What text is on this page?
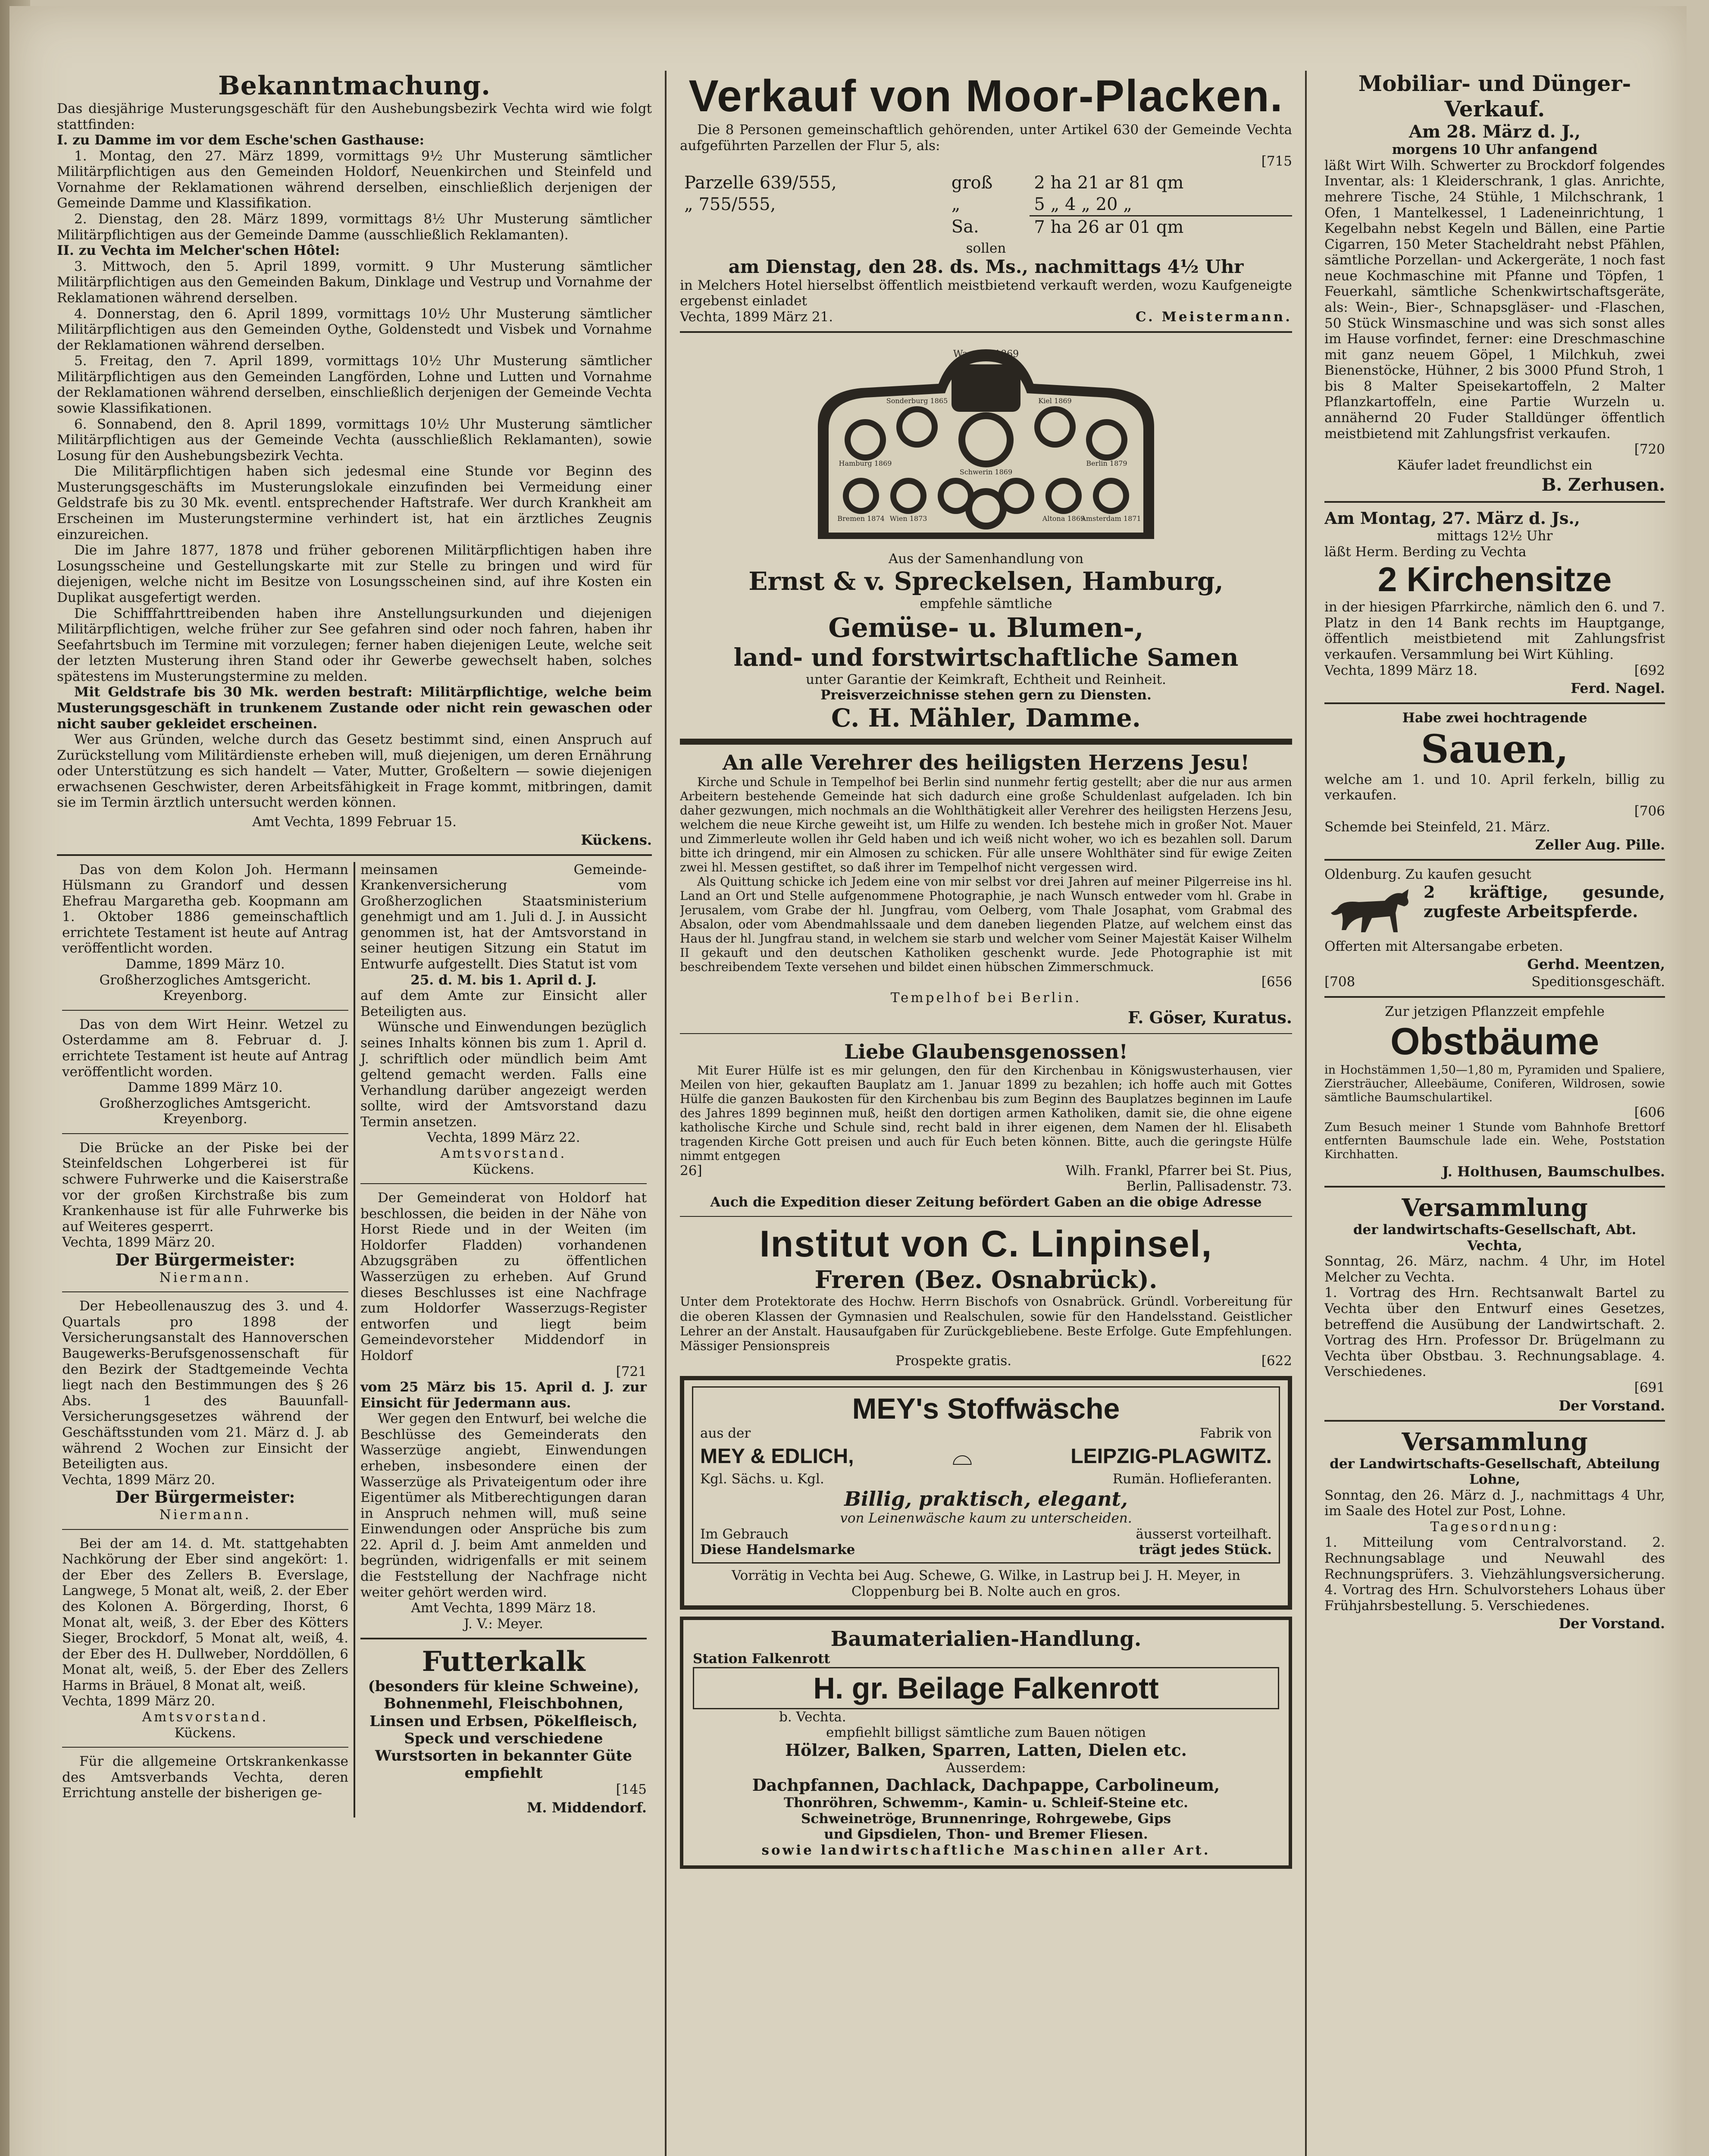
Bekanntmachung.

Das diesjährige Musterungsgeschäft für den Aushebungsbezirk Vechta wird wie folgt stattfinden:

I. zu Damme im vor dem Esche'schen Gasthause:

1. Montag, den 27. März 1899, vormittags 9½ Uhr Musterung sämtlicher Militärpflichtigen aus den Gemeinden Holdorf, Neuenkirchen und Steinfeld und Vornahme der Reklamationen während derselben, einschließlich derjenigen der Gemeinde Damme und Klassifikation.

2. Dienstag, den 28. März 1899, vormittags 8½ Uhr Musterung sämtlicher Militärpflichtigen aus der Gemeinde Damme (ausschließlich Reklamanten).

II. zu Vechta im Melcher'schen Hôtel:

3. Mittwoch, den 5. April 1899, vormitt. 9 Uhr Musterung sämtlicher Militärpflichtigen aus den Gemeinden Bakum, Dinklage und Vestrup und Vornahme der Reklamationen während derselben.

4. Donnerstag, den 6. April 1899, vormittags 10½ Uhr Musterung sämtlicher Militärpflichtigen aus den Gemeinden Oythe, Goldenstedt und Visbek und Vornahme der Reklamationen während derselben.

5. Freitag, den 7. April 1899, vormittags 10½ Uhr Musterung sämtlicher Militärpflichtigen aus den Gemeinden Langförden, Lohne und Lutten und Vornahme der Reklamationen während derselben, einschließlich derjenigen der Gemeinde Vechta sowie Klassifikationen.

6. Sonnabend, den 8. April 1899, vormittags 10½ Uhr Musterung sämtlicher Militärpflichtigen aus der Gemeinde Vechta (ausschließlich Reklamanten), sowie Losung für den Aushebungsbezirk Vechta.

Die Militärpflichtigen haben sich jedesmal eine Stunde vor Beginn des Musterungsgeschäfts im Musterungslokale einzufinden bei Vermeidung einer Geldstrafe bis zu 30 Mk. eventl. entsprechender Haftstrafe. Wer durch Krankheit am Erscheinen im Musterungstermine verhindert ist, hat ein ärztliches Zeugnis einzureichen.

Die im Jahre 1877, 1878 und früher geborenen Militärpflichtigen haben ihre Losungsscheine und Gestellungskarte mit zur Stelle zu bringen und wird für diejenigen, welche nicht im Besitze von Losungsscheinen sind, auf ihre Kosten ein Duplikat ausgefertigt werden.

Die Schifffahrttreibenden haben ihre Anstellungsurkunden und diejenigen Militärpflichtigen, welche früher zur See gefahren sind oder noch fahren, haben ihr Seefahrtsbuch im Termine mit vorzulegen; ferner haben diejenigen Leute, welche seit der letzten Musterung ihren Stand oder ihr Gewerbe gewechselt haben, solches spätestens im Musterungstermine zu melden.

Mit Geldstrafe bis 30 Mk. werden bestraft: Militärpflichtige, welche beim Musterungsgeschäft in trunkenem Zustande oder nicht rein gewaschen oder nicht sauber gekleidet erscheinen.

Wer aus Gründen, welche durch das Gesetz bestimmt sind, einen Anspruch auf Zurückstellung vom Militärdienste erheben will, muß diejenigen, um deren Ernährung oder Unterstützung es sich handelt — Vater, Mutter, Großeltern — sowie diejenigen erwachsenen Geschwister, deren Arbeitsfähigkeit in Frage kommt, mitbringen, damit sie im Termin ärztlich untersucht werden können.

Amt Vechta, 1899 Februar 15.

Kückens.

Das von dem Kolon Joh. Hermann Hülsmann zu Grandorf und dessen Ehefrau Margaretha geb. Koopmann am 1. Oktober 1886 gemeinschaftlich errichtete Testament ist heute auf Antrag veröffentlicht worden.

Damme, 1899 März 10.

Großherzogliches Amtsgericht.

Kreyenborg.

Das von dem Wirt Heinr. Wetzel zu Osterdamme am 8. Februar d. J. errichtete Testament ist heute auf Antrag veröffentlicht worden.

Damme 1899 März 10.

Großherzogliches Amtsgericht.

Kreyenborg.

Die Brücke an der Piske bei der Steinfeldschen Lohgerberei ist für schwere Fuhrwerke und die Kaiserstraße vor der großen Kirchstraße bis zum Krankenhause ist für alle Fuhrwerke bis auf Weiteres gesperrt.

Vechta, 1899 März 20.

Der Bürgermeister:

Niermann.

Der Hebeollenauszug des 3. und 4. Quartals pro 1898 der Versicherungsanstalt des Hannoverschen Baugewerks-Berufsgenossenschaft für den Bezirk der Stadtgemeinde Vechta liegt nach den Bestimmungen des § 26 Abs. 1 des Bauunfall-Versicherungsgesetzes während der Geschäftsstunden vom 21. März d. J. ab während 2 Wochen zur Einsicht der Beteiligten aus.

Vechta, 1899 März 20.

Der Bürgermeister:

Niermann.

Bei der am 14. d. Mt. stattgehabten Nachkörung der Eber sind angekört: 1. der Eber des Zellers B. Everslage, Langwege, 5 Monat alt, weiß, 2. der Eber des Kolonen A. Börgerding, Ihorst, 6 Monat alt, weiß, 3. der Eber des Kötters Sieger, Brockdorf, 5 Monat alt, weiß, 4. der Eber des H. Dullweber, Norddöllen, 6 Monat alt, weiß, 5. der Eber des Zellers Harms in Bräuel, 8 Monat alt, weiß.

Vechta, 1899 März 20.

Amtsvorstand.

Kückens.

Für die allgemeine Ortskrankenkasse des Amtsverbands Vechta, deren Errichtung anstelle der bisherigen ge-

meinsamen Gemeinde-Krankenversicherung vom Großherzoglichen Staatsministerium genehmigt und am 1. Juli d. J. in Aussicht genommen ist, hat der Amtsvorstand in seiner heutigen Sitzung ein Statut im Entwurfe aufgestellt. Dies Statut ist vom

25. d. M. bis 1. April d. J.

auf dem Amte zur Einsicht aller Beteiligten aus.

Wünsche und Einwendungen bezüglich seines Inhalts können bis zum 1. April d. J. schriftlich oder mündlich beim Amt geltend gemacht werden. Falls eine Verhandlung darüber angezeigt werden sollte, wird der Amtsvorstand dazu Termin ansetzen.

Vechta, 1899 März 22.

Amtsvorstand.

Kückens.

Der Gemeinderat von Holdorf hat beschlossen, die beiden in der Nähe von Horst Riede und in der Weiten (im Holdorfer Fladden) vorhandenen Abzugsgräben zu öffentlichen Wasserzügen zu erheben. Auf Grund dieses Beschlusses ist eine Nachfrage zum Holdorfer Wasserzugs-Register entworfen und liegt beim Gemeindevorsteher Middendorf in Holdorf

[721

vom 25 März bis 15. April d. J. zur Einsicht für Jedermann aus.

Wer gegen den Entwurf, bei welche die Beschlüsse des Gemeinderats den Wasserzüge angiebt, Einwendungen erheben, insbesondere einen der Wasserzüge als Privateigentum oder ihre Eigentümer als Mitberechtigungen daran in Anspruch nehmen will, muß seine Einwendungen oder Ansprüche bis zum 22. April d. J. beim Amt anmelden und begründen, widrigenfalls er mit seinem die Feststellung der Nachfrage nicht weiter gehört werden wird.

Amt Vechta, 1899 März 18.

J. V.: Meyer.

Futterkalk

(besonders für kleine Schweine), Bohnenmehl, Fleischbohnen, Linsen und Erbsen, Pökelfleisch, Speck und verschiedene Wurstsorten in bekannter Güte empfiehlt

[145

M. Middendorf.
Verkauf von Moor-Placken.

Die 8 Personen gemeinschaftlich gehörenden, unter Artikel 630 der Gemeinde Vechta aufgeführten Parzellen der Flur 5, als:

[715

Parzelle 639/555,	groß	2 ha 21 ar 81 qm
„ 755/555,	„	5 „ 4 „ 20 „
	Sa.	7 ha 26 ar 01 qm

sollen

am Dienstag, den 28. ds. Ms., nachmittags 4½ Uhr

in Melchers Hotel hierselbst öffentlich meistbietend verkauft werden, wozu Kaufgeneigte ergebenst einladet

Vechta, 1899 März 21.	C. Meistermann.
Wappen 1869
Hamburg 1869
Sonderburg 1865	Kiel 1869
Berlin 1879
Wien 1873
Schwerin 1869
Altona 1869
Bremen 1874	Amsterdam 1871

Aus der Samenhandlung von

Ernst & v. Spreckelsen, Hamburg,

empfehle sämtliche

Gemüse- u. Blumen-,
land- und forstwirtschaftliche Samen

unter Garantie der Keimkraft, Echtheit und Reinheit.

Preisverzeichnisse stehen gern zu Diensten.

C. H. Mähler, Damme.
An alle Verehrer des heiligsten Herzens Jesu!

Kirche und Schule in Tempelhof bei Berlin sind nunmehr fertig gestellt; aber die nur aus armen Arbeitern bestehende Gemeinde hat sich dadurch eine große Schuldenlast aufgeladen. Ich bin daher gezwungen, mich nochmals an die Wohlthätigkeit aller Verehrer des heiligsten Herzens Jesu, welchem die neue Kirche geweiht ist, um Hilfe zu wenden. Ich bestehe mich in großer Not. Mauer und Zimmerleute wollen ihr Geld haben und ich weiß nicht woher, wo ich es bezahlen soll. Darum bitte ich dringend, mir ein Almosen zu schicken. Für alle unsere Wohlthäter sind für ewige Zeiten zwei hl. Messen gestiftet, so daß ihrer im Tempelhof nicht vergessen wird.

Als Quittung schicke ich Jedem eine von mir selbst vor drei Jahren auf meiner Pilgerreise ins hl. Land an Ort und Stelle aufgenommene Photographie, je nach Wunsch entweder vom hl. Grabe in Jerusalem, vom Grabe der hl. Jungfrau, vom Oelberg, vom Thale Josaphat, vom Grabmal des Absalon, oder vom Abendmahlssaale und dem daneben liegenden Platze, auf welchem einst das Haus der hl. Jungfrau stand, in welchem sie starb und welcher vom Seiner Majestät Kaiser Wilhelm II gekauft und den deutschen Katholiken geschenkt wurde. Jede Photographie ist mit beschreibendem Texte versehen und bildet einen hübschen Zimmerschmuck.

[656

Tempelhof bei Berlin.

F. Göser, Kuratus.
Liebe Glaubensgenossen!

Mit Eurer Hülfe ist es mir gelungen, den für den Kirchenbau in Königswusterhausen, vier Meilen von hier, gekauften Bauplatz am 1. Januar 1899 zu bezahlen; ich hoffe auch mit Gottes Hülfe die ganzen Baukosten für den Kirchenbau bis zum Beginn des Bauplatzes beginnen im Laufe des Jahres 1899 beginnen muß, heißt den dortigen armen Katholiken, damit sie, die ohne eigene katholische Kirche und Schule sind, recht bald in ihrer eigenen, dem Namen der hl. Elisabeth tragenden Kirche Gott preisen und auch für Euch beten können. Bitte, auch die geringste Hülfe nimmt entgegen

26]	Wilh. Frankl, Pfarrer bei St. Pius,

Berlin, Pallisadenstr. 73.

Auch die Expedition dieser Zeitung befördert Gaben an die obige Adresse

Institut von C. Linpinsel,
Freren (Bez. Osnabrück).

Unter dem Protektorate des Hochw. Herrn Bischofs von Osnabrück. Gründl. Vorbereitung für die oberen Klassen der Gymnasien und Realschulen, sowie für den Handelsstand. Geistlicher Lehrer an der Anstalt. Hausaufgaben für Zurückgebliebene. Beste Erfolge. Gute Empfehlungen. Mässiger Pensionspreis

Prospekte gratis.	[622
MEY's Stoffwäsche
aus der	Fabrik von
MEY & EDLICH,	⌓	LEIPZIG-PLAGWITZ.
Kgl. Sächs. u. Kgl.	Rumän. Hoflieferanten.

Billig, praktisch, elegant,

von Leinenwäsche kaum zu unterscheiden.

Im Gebrauch	äusserst vorteilhaft.
Diese Handelsmarke	trägt jedes Stück.

Vorrätig in Vechta bei Aug. Schewe, G. Wilke, in Lastrup bei J. H. Meyer, in Cloppenburg bei B. Nolte auch en gros.

Baumaterialien-Handlung.

Station Falkenrott

H. gr. Beilage Falkenrott

b. Vechta.

empfiehlt billigst sämtliche zum Bauen nötigen

Hölzer, Balken, Sparren, Latten, Dielen etc.

Ausserdem:

Dachpfannen, Dachlack, Dachpappe, Carbolineum,

Thonröhren, Schwemm-, Kamin- u. Schleif-Steine etc.

Schweinetröge, Brunnenringe, Rohrgewebe, Gips

und Gipsdielen, Thon- und Bremer Fliesen.

sowie landwirtschaftliche Maschinen aller Art.

Mobiliar- und Dünger-Verkauf.

Am 28. März d. J.,

morgens 10 Uhr anfangend

läßt Wirt Wilh. Schwerter zu Brockdorf folgendes Inventar, als: 1 Kleiderschrank, 1 glas. Anrichte, mehrere Tische, 24 Stühle, 1 Milchschrank, 1 Ofen, 1 Mantelkessel, 1 Ladeneinrichtung, 1 Kegelbahn nebst Kegeln und Bällen, eine Partie Cigarren, 150 Meter Stacheldraht nebst Pfählen, sämtliche Porzellan- und Ackergeräte, 1 noch fast neue Kochmaschine mit Pfanne und Töpfen, 1 Feuerkahl, sämtliche Schenkwirtschaftsgeräte, als: Wein-, Bier-, Schnapsgläser- und -Flaschen, 50 Stück Winsmaschine und was sich sonst alles im Hause vorfindet, ferner: eine Dreschmaschine mit ganz neuem Göpel, 1 Milchkuh, zwei Bienenstöcke, Hühner, 2 bis 3000 Pfund Stroh, 1 bis 8 Malter Speisekartoffeln, 2 Malter Pflanzkartoffeln, eine Partie Wurzeln u. annähernd 20 Fuder Stalldünger öffentlich meistbietend mit Zahlungsfrist verkaufen.

[720

Käufer ladet freundlichst ein

B. Zerhusen.

Am Montag, 27. März d. Js.,

mittags 12½ Uhr

läßt Herm. Berding zu Vechta

2 Kirchensitze

in der hiesigen Pfarrkirche, nämlich den 6. und 7. Platz in den 14 Bank rechts im Hauptgange, öffentlich meistbietend mit Zahlungsfrist verkaufen. Versammlung bei Wirt Kühling.

Vechta, 1899 März 18.	[692
Ferd. Nagel.

Habe zwei hochtragende

Sauen,

welche am 1. und 10. April ferkeln, billig zu verkaufen.

[706

Schemde bei Steinfeld, 21. März.

Zeller Aug. Pille.

Oldenburg. Zu kaufen gesucht

2 kräftige, gesunde, zugfeste Arbeitspferde.

Offerten mit Altersangabe erbeten.

Gerhd. Meentzen,
[708	Speditionsgeschäft.

Zur jetzigen Pflanzzeit empfehle

Obstbäume

in Hochstämmen 1,50—1,80 m, Pyramiden und Spaliere, Ziersträucher, Alleebäume, Coniferen, Wildrosen, sowie sämtliche Baumschulartikel.

[606

Zum Besuch meiner 1 Stunde vom Bahnhofe Brettorf entfernten Baumschule lade ein. Wehe, Poststation Kirchhatten.

J. Holthusen, Baumschulbes.
Versammlung

der landwirtschafts-Gesellschaft, Abt. Vechta,

Sonntag, 26. März, nachm. 4 Uhr, im Hotel Melcher zu Vechta.

1. Vortrag des Hrn. Rechtsanwalt Bartel zu Vechta über den Entwurf eines Gesetzes, betreffend die Ausübung der Landwirtschaft. 2. Vortrag des Hrn. Professor Dr. Brügelmann zu Vechta über Obstbau. 3. Rechnungsablage. 4. Verschiedenes.

[691

Der Vorstand.
Versammlung

der Landwirtschafts-Gesellschaft, Abteilung Lohne,

Sonntag, den 26. März d. J., nachmittags 4 Uhr, im Saale des Hotel zur Post, Lohne.

Tagesordnung:

1. Mitteilung vom Centralvorstand. 2. Rechnungsablage und Neuwahl des Rechnungsprüfers. 3. Viehzählungsversicherung. 4. Vortrag des Hrn. Schulvorstehers Lohaus über Frühjahrsbestellung. 5. Verschiedenes.

Der Vorstand.
